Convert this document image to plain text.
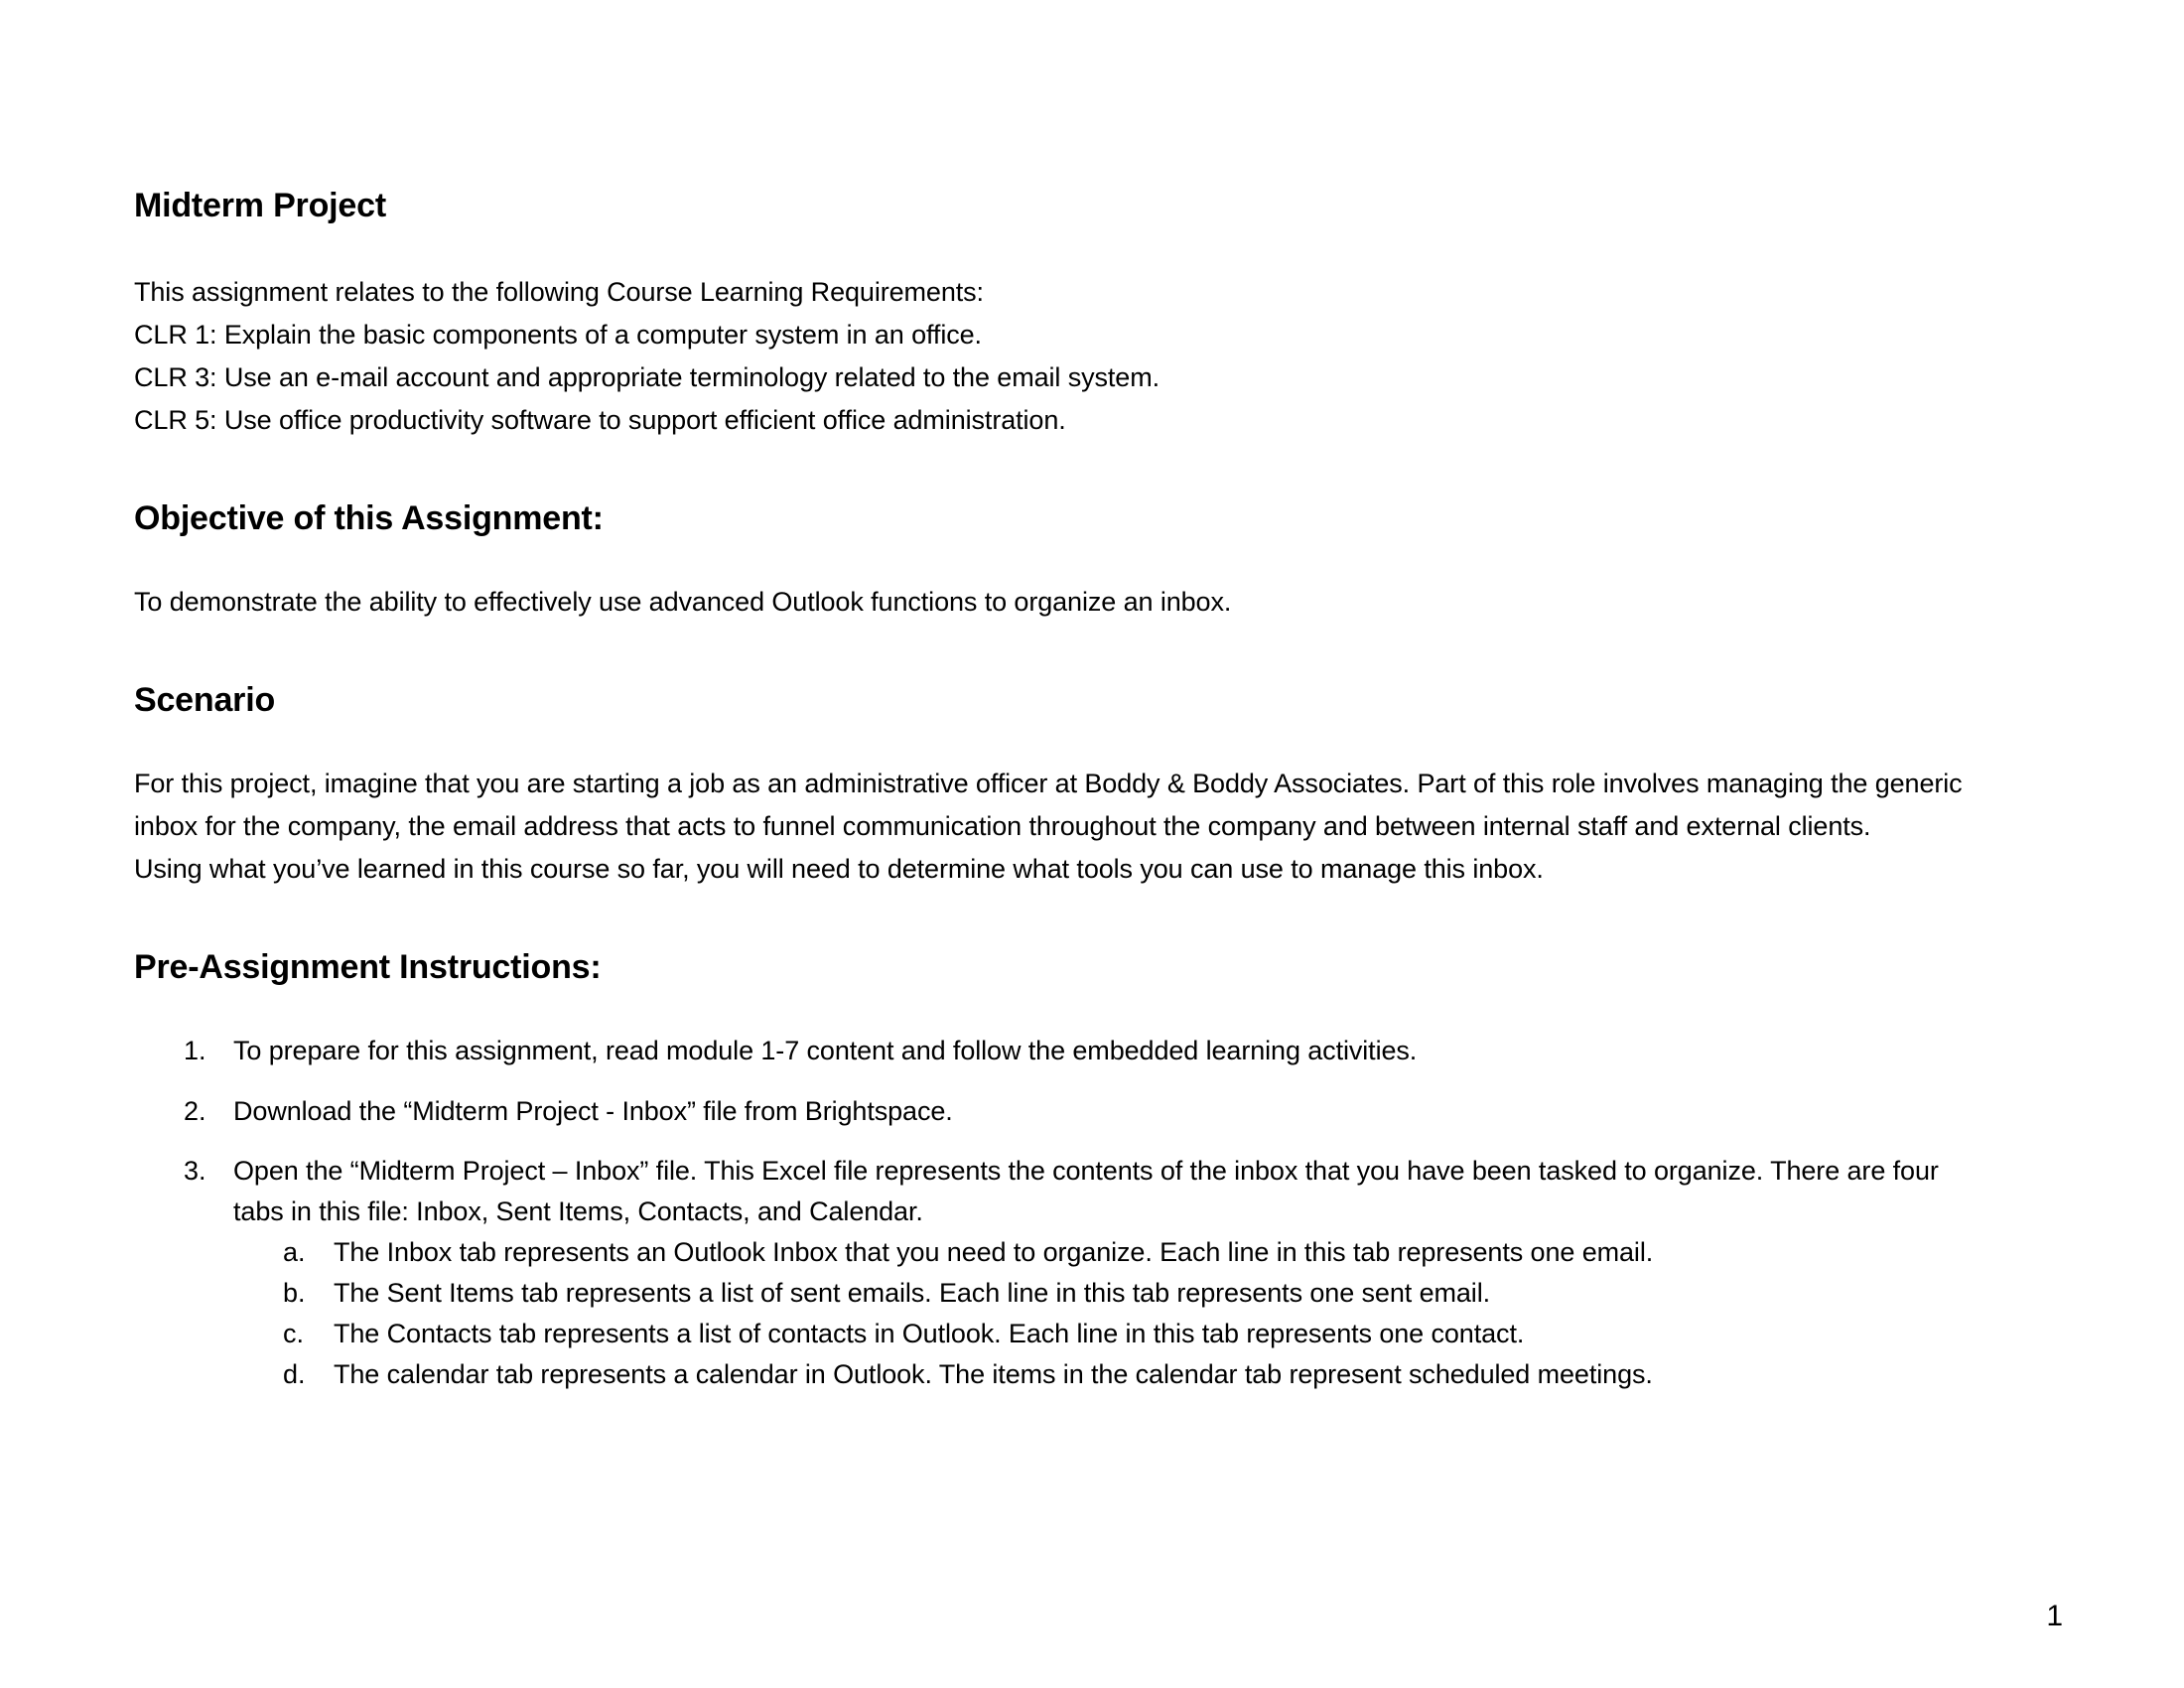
Midterm Project

This assignment relates to the following Course Learning Requirements:

CLR 1: Explain the basic components of a computer system in an office.

CLR 3: Use an e-mail account and appropriate terminology related to the email system.

CLR 5: Use office productivity software to support efficient office administration.

Objective of this Assignment:

To demonstrate the ability to effectively use advanced Outlook functions to organize an inbox.

Scenario

For this project, imagine that you are starting a job as an administrative officer at Boddy & Boddy Associates. Part of this role involves managing the generic

inbox for the company, the email address that acts to funnel communication throughout the company and between internal staff and external clients.

Using what you’ve learned in this course so far, you will need to determine what tools you can use to manage this inbox.

Pre-Assignment Instructions:
1. To prepare for this assignment, read module 1-7 content and follow the embedded learning activities.

2. Download the “Midterm Project - Inbox” file from Brightspace.

3. Open the “Midterm Project – Inbox” file. This Excel file represents the contents of the inbox that you have been tasked to organize. There are four

tabs in this file: Inbox, Sent Items, Contacts, and Calendar.

a. The Inbox tab represents an Outlook Inbox that you need to organize. Each line in this tab represents one email.

b. The Sent Items tab represents a list of sent emails. Each line in this tab represents one sent email.

c. The Contacts tab represents a list of contacts in Outlook. Each line in this tab represents one contact.

d. The calendar tab represents a calendar in Outlook. The items in the calendar tab represent scheduled meetings.

1
